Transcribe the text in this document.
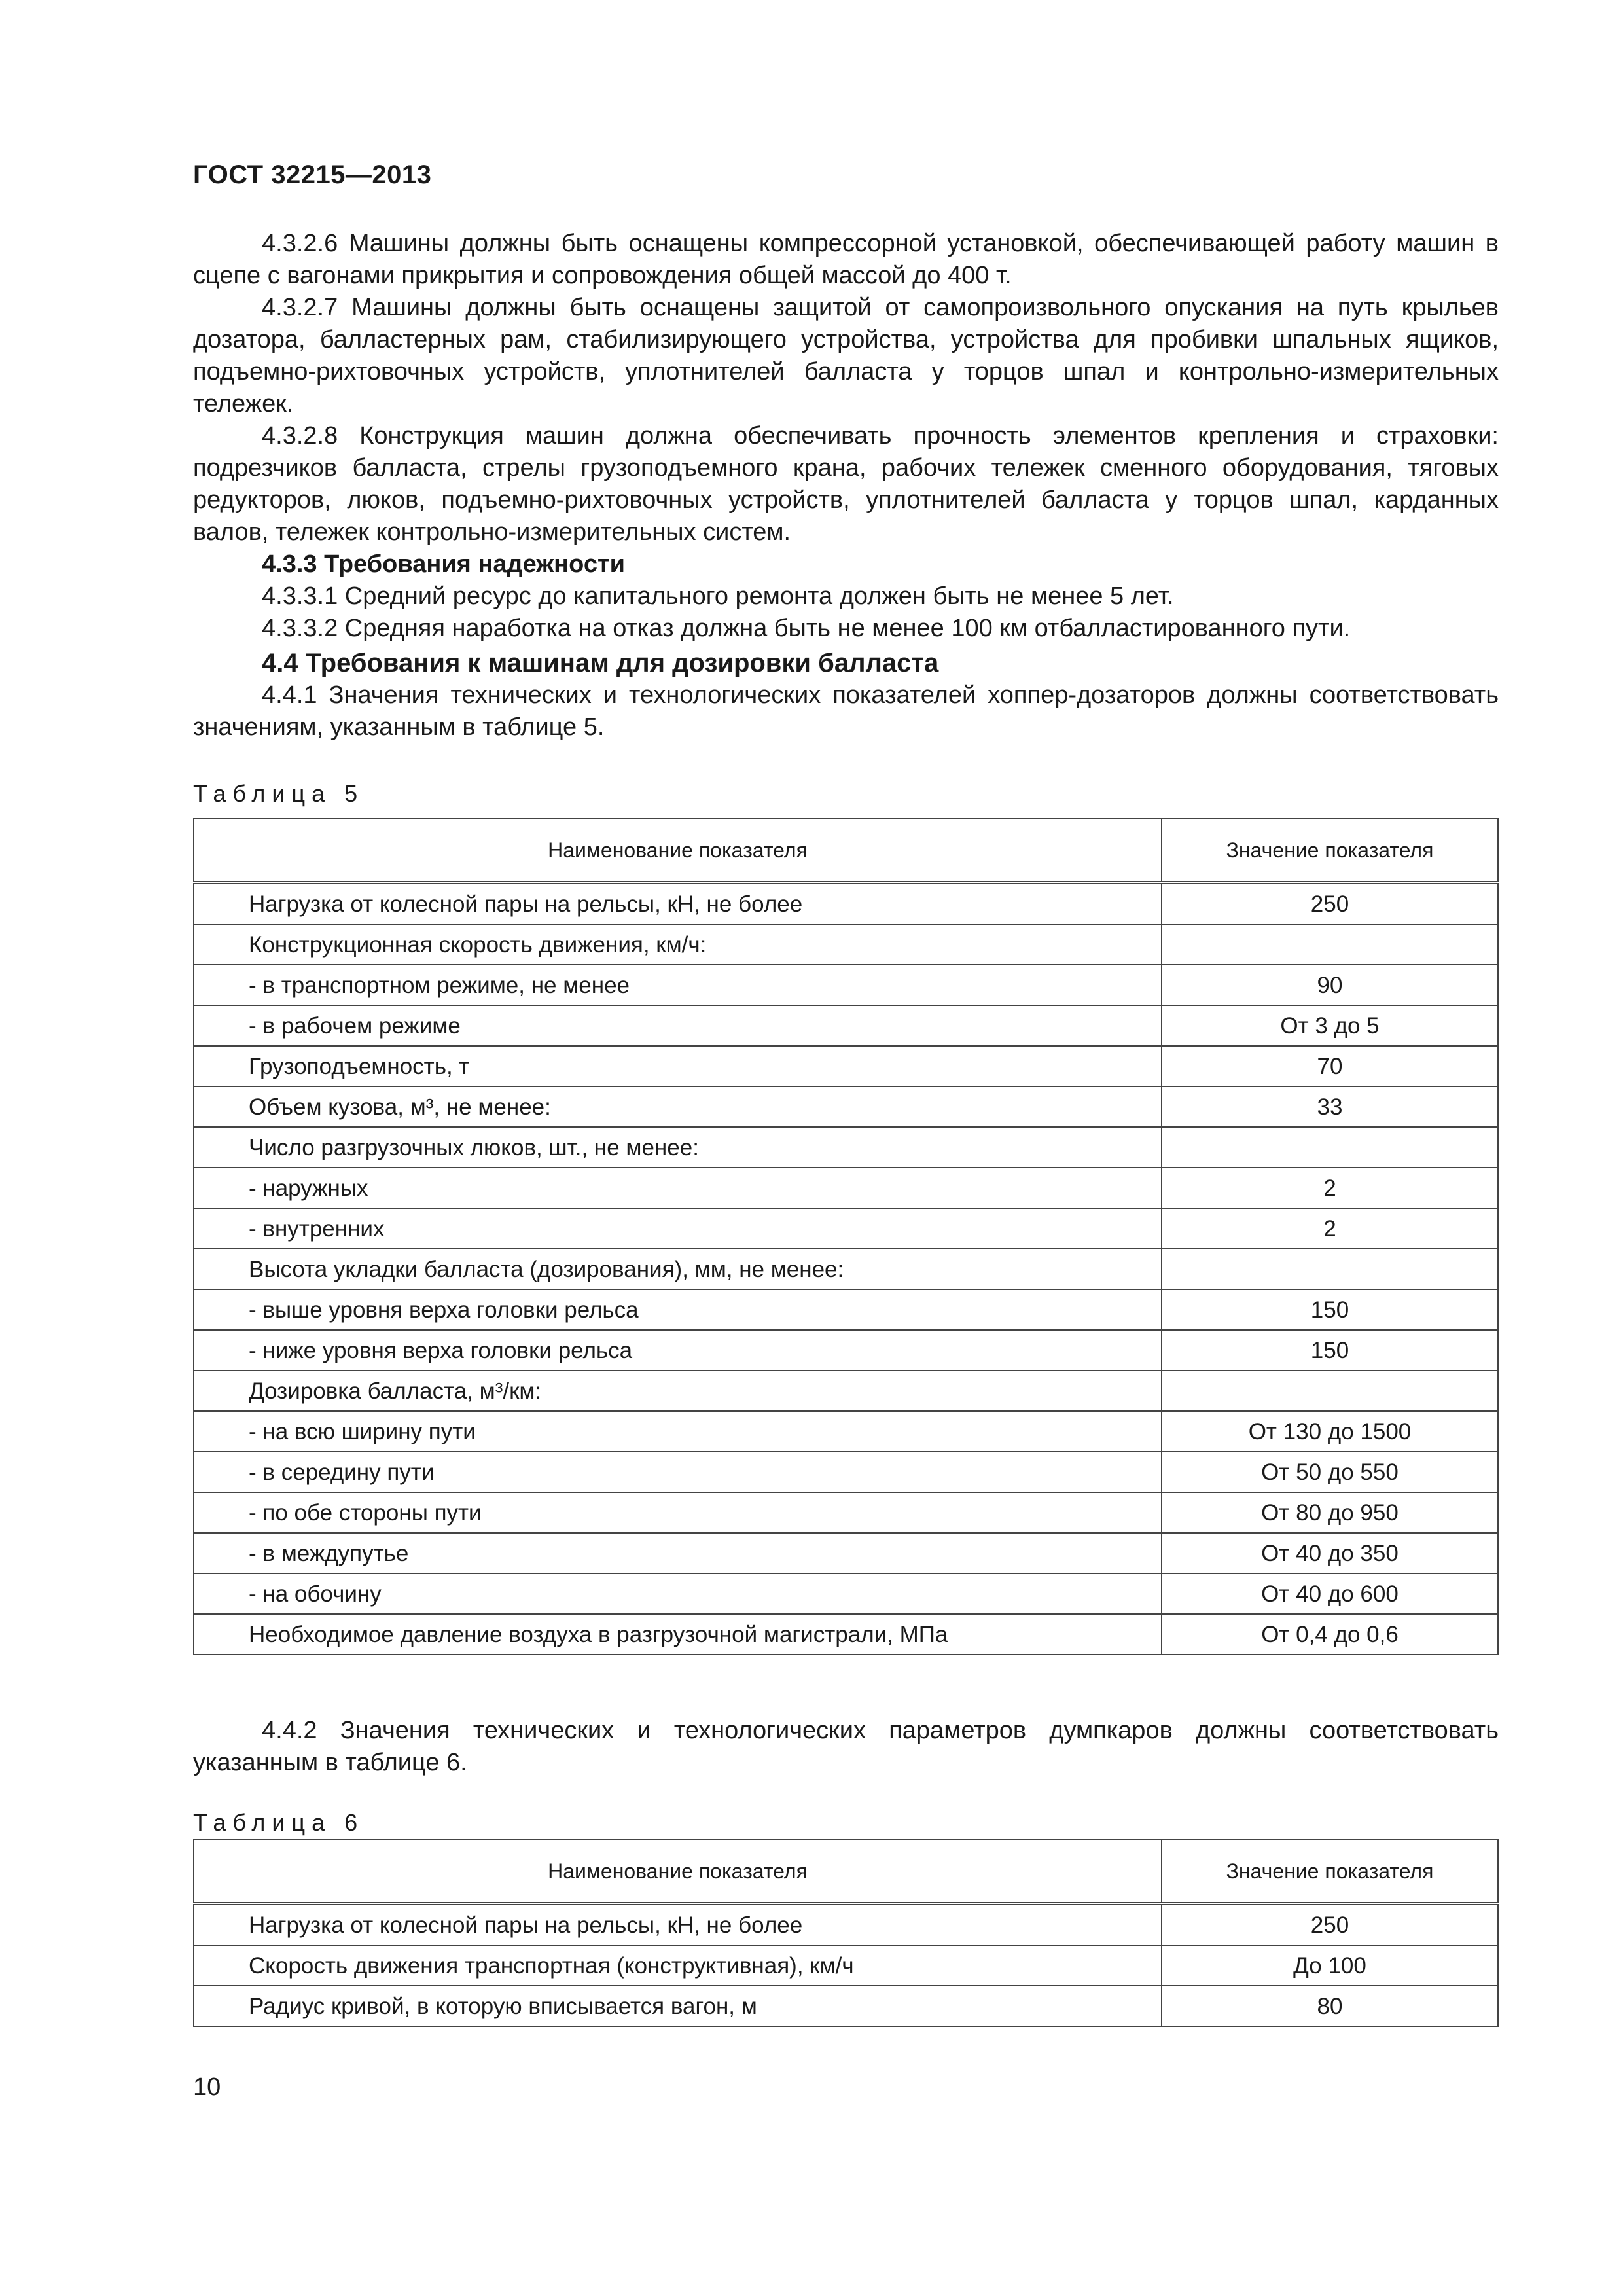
ГОСТ 32215—2013

4.3.2.6 Машины должны быть оснащены компрессорной установкой, обеспечивающей работу машин в сцепе с вагонами прикрытия и сопровождения общей массой до 400 т.

4.3.2.7 Машины должны быть оснащены защитой от самопроизвольного опускания на путь крыльев дозатора, балластерных рам, стабилизирующего устройства, устройства для пробивки шпальных ящиков, подъемно-рихтовочных устройств, уплотнителей балласта у торцов шпал и контрольно-измерительных тележек.

4.3.2.8 Конструкция машин должна обеспечивать прочность элементов крепления и страховки: подрезчиков балласта, стрелы грузоподъемного крана, рабочих тележек сменного оборудования, тяговых редукторов, люков, подъемно-рихтовочных устройств, уплотнителей балласта у торцов шпал, карданных валов, тележек контрольно-измерительных систем.

4.3.3 Требования надежности

4.3.3.1 Средний ресурс до капитального ремонта должен быть не менее 5 лет.

4.3.3.2 Средняя наработка на отказ должна быть не менее 100 км отбалластированного пути.

4.4 Требования к машинам для дозировки балласта

4.4.1 Значения технических и технологических показателей хоппер-дозаторов должны соответствовать значениям, указанным в таблице 5.

Таблица 5
Наименование показателя	Значение показателя
Нагрузка от колесной пары на рельсы, кН, не более	250
Конструкционная скорость движения, км/ч:	
- в транспортном режиме, не менее	90
- в рабочем режиме	От 3 до 5
Грузоподъемность, т	70
Объем кузова, м³, не менее:	33
Число разгрузочных люков, шт., не менее:	
- наружных	2
- внутренних	2
Высота укладки балласта (дозирования), мм, не менее:	
- выше уровня верха головки рельса	150
- ниже уровня верха головки рельса	150
Дозировка балласта, м³/км:	
- на всю ширину пути	От 130 до 1500
- в середину пути	От 50 до 550
- по обе стороны пути	От 80 до 950
- в междупутье	От 40 до 350
- на обочину	От 40 до 600
Необходимое давление воздуха в разгрузочной магистрали, МПа	От 0,4 до 0,6

4.4.2 Значения технических и технологических параметров думпкаров должны соответствовать указанным в таблице 6.

Таблица 6
Наименование показателя	Значение показателя
Нагрузка от колесной пары на рельсы, кН, не более	250
Скорость движения транспортная (конструктивная), км/ч	До 100
Радиус кривой, в которую вписывается вагон, м	80
10
